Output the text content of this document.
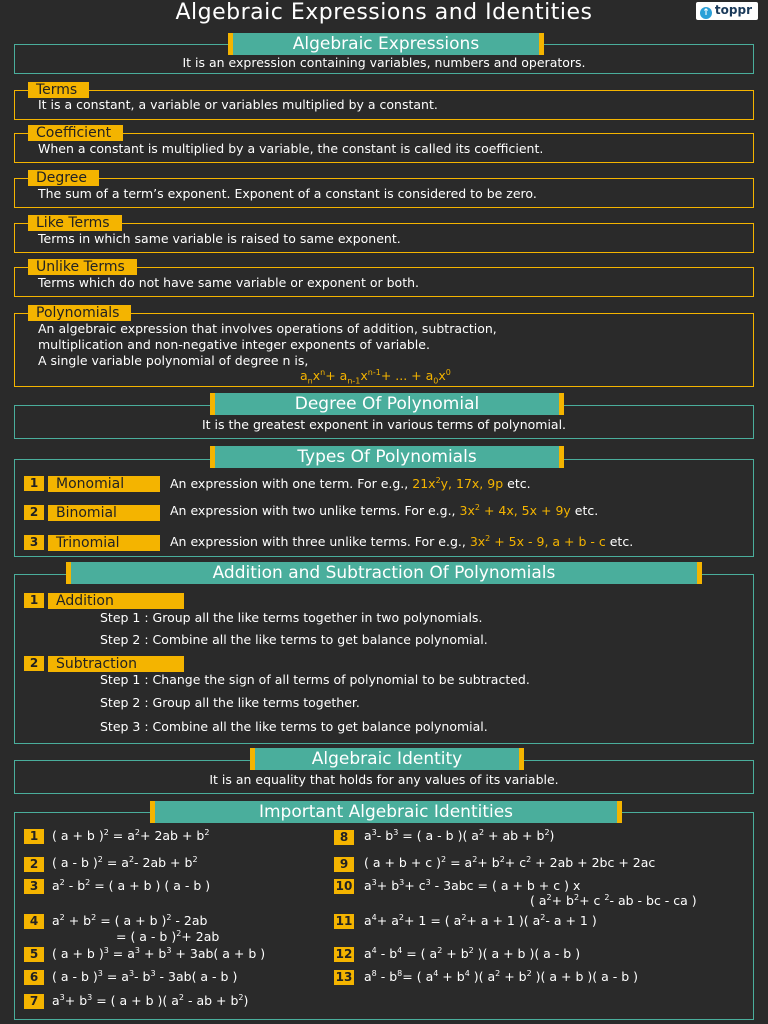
Algebraic Expressions and Identities	↑ toppr
Algebraic Expressions
It is an expression containing variables, numbers and operators.
Terms
It is a constant, a variable or variables multiplied by a constant.
Coefficient
When a constant is multiplied by a variable, the constant is called its coefficient.
Degree
The sum of a term’s exponent. Exponent of a constant is considered to be zero.
Like Terms
Terms in which same variable is raised to same exponent.
Unlike Terms
Terms which do not have same variable or exponent or both.
Polynomials
An algebraic expression that involves operations of addition, subtraction,
multiplication and non-negative integer exponents of variable.
A single variable polynomial of degree n is,
$a_nx^n+ a_{n-1}x^{n-1}+$ ... + $a_0x^0$
Degree Of Polynomial
It is the greatest exponent in various terms of polynomial.
Types Of Polynomials
1	Monomial	An expression with one term. For e.g., $21x^2y$, 17x, 9p etc.
2	Binomial	An expression with two unlike terms. For e.g., $3x^2 + 4x$, 5x + 9y etc.
3	Trinomial	An expression with three unlike terms. For e.g., $3x^2 + 5x - 9$, a + b - c etc.
Addition and Subtraction Of Polynomials
1	Addition
Step 1 : Group all the like terms together in two polynomials.
Step 2 : Combine all the like terms to get balance polynomial.
2	Subtraction
Step 1 : Change the sign of all terms of polynomial to be subtracted.
Step 2 : Group all the like terms together.
Step 3 : Combine all the like terms to get balance polynomial.
Algebraic Identity
It is an equality that holds for any values of its variable.
Important Algebraic Identities
1	( a + b )$^2 = a^2+ 2ab + b^2$
2	( a - b )$^2 = a^2-$ $2ab + b^2$
3	$a^2 - b^2$ = ( a + b ) ( a - b )
4	$a^2 + b^2$ = ( a + b )$^2$ - 2ab
= ( a - b )$^2$+ 2ab
5	( a + b )$^3 = a^3 + b^3 + 3ab$( a + b )
6	( a - b )$^3 = a^3-$ $b^3 - 3ab$( a - b )
7	$a^3+ b^3$ = ( a + b )( $a^2$ - ab + $b^2$)
8	$a^3-$ $b^3$ = ( a - b )( $a^2$ + ab + $b^2$)
9	( a + b + c )$^2 = a^2+ b^2+ c^2 + 2ab + 2bc + 2ac$
10 $a^3+ b^3+ c^3 - 3abc$ = ( a + b + c ) x
( $a^2+ b^2+ c$ $^2$- ab - bc - ca )
11 $a^4+ a^2+ 1$ = ( $a^2+ a + 1$ )( $a^2-$ a + 1 )
12 $a^4 - b^4$ = ( $a^2 + b^2$ )( a + b )( a - b )
13 $a^8 - b^8=$ ( $a^4 + b^4$ )( $a^2 + b^2$ )( a + b )( a - b )
